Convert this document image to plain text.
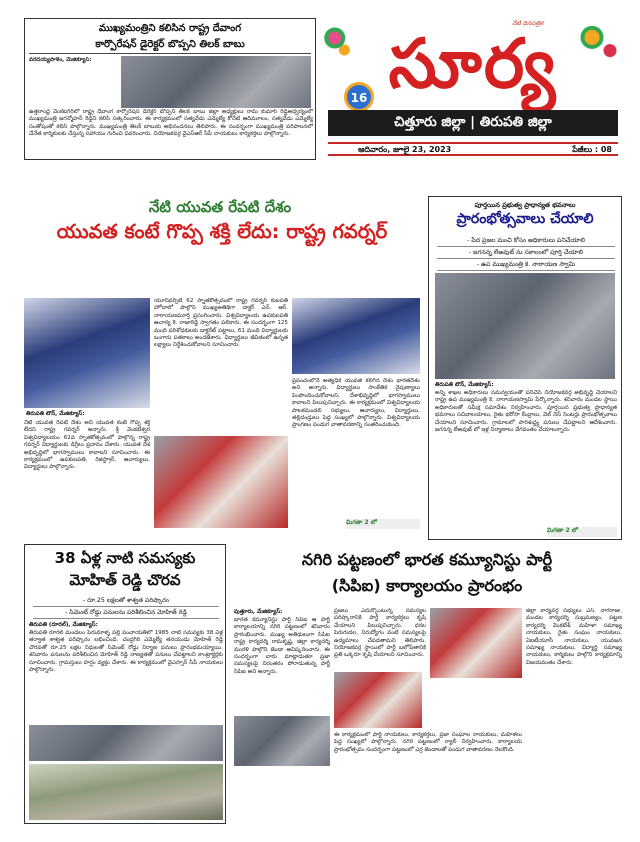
ముఖ్యమంత్రిని కలిసిన రాష్ట్ర దేవాంగ
కార్పొరేషన్ డైరెక్టర్ బొప్పని తిలక్ బాబు
వరదయ్యపాళెం, మేజిక్యూస్:
ఉత్తరాంధ్ర వెంకటగిరిలో రాష్ట్ర దేవాంగ కార్పొరేషన్ డెరెక్టర్ బొప్పని తిలక్ బాబు జిల్లా అధ్యక్షులు రామ్ కుమార్ రెడ్డిఅధ్వర్యంలో ముఖ్యమంత్రి జగన్మోహన్ రెడ్డిని కలిసి సత్కరించారు. ఈ కార్యక్రమంలో సత్యవేడు ఎమ్మెల్యే కోనేటి ఆదిమూలం, సత్యవేడు ఎమ్మెల్యే సంతోషంతో కలిసి పాల్గొన్నారు. ముఖ్యమంత్రి తిలక్ బాబుకు అభినందనలు తెలిపారు. ఈ సందర్భంగా ముఖ్యమంత్రి పరిపాలనలో చేనేత కార్మికులకు చేస్తున్న సహాయం గురించి వివరించారు. నియోజకవర్గ వైఎస్ఆర్ సీపీ నాయకులు కార్యకర్తలు పాల్గొన్నారు.
నేటి దినపత్రిక
16 సూర్య
చిత్తూరు జిల్లా | తిరుపతి జిల్లా
ఆదివారం, జూలై 23, 2023	పేజీలు : 08
నేటి యువత రేపటి దేశం
యువత కంటే గొప్ప శక్తి లేదు: రాష్ట్ర గవర్నర్
తిరుపతి టౌన్, మేజిక్యూస్:
నేటి యువత రేపటి దేశం అని యువత కంటే గొప్ప శక్తి లేదని రాష్ట్ర గవర్నర్ అన్నారు. శ్రీ వెంకటేశ్వర విశ్వవిద్యాలయం 62వ స్నాతకోత్సవంలో పాల్గొన్న రాష్ట్ర గవర్నర్ విద్యార్థులకు డిగ్రీలు ప్రదానం చేశారు. యువత దేశ అభివృద్ధిలో భాగస్వాములు కావాలని సూచించారు. ఈ కార్యక్రమంలో ఉపకులపతి, రిజిస్ట్రార్, ఆచార్యులు, విద్యార్థులు పాల్గొన్నారు.
యూనివర్సిటీ 62 స్నాతకోత్సవంలో రాష్ట్ర గవర్నర్ కులపతి హోదాలో పాల్గొని ముఖ్యఅతిథిగా డాక్టర్ ఎన్. ఆర్. నారాయణమూర్తి ప్రసంగించారు. విశ్వవిద్యాలయ ఉపకులపతి ఆచార్య కె. రాజారెడ్డి స్వాగతం పలికారు. ఈ సందర్భంగా 125 మంది పరిశోధకులకు డాక్టరేట్ పట్టాలు, 61 మంది విద్యార్థులకు బంగారు పతకాలు అందజేశారు. విద్యార్థులు జీవితంలో ఉన్నత లక్ష్యాలు నిర్దేశించుకోవాలని సూచించారు.
ప్రపంచంలోనే అత్యధిక యువత కలిగిన దేశం భారతదేశం అని అన్నారు. విద్యార్థులు సాంకేతిక నైపుణ్యాలు పెంపొందించుకోవాలని, దేశాభివృద్ధిలో భాగస్వాములు కావాలని పిలుపునిచ్చారు. ఈ కార్యక్రమంలో విశ్వవిద్యాలయ పాలకమండలి సభ్యులు, ఆచార్యులు, విద్యార్థులు, తల్లిదండ్రులు పెద్ద సంఖ్యలో పాల్గొన్నారు. విశ్వవిద్యాలయ ప్రాంగణం పండుగ వాతావరణాన్ని సంతరించుకుంది.
మిగతా 2 లో
పూర్తయిన ప్రభుత్వ ప్రాధాన్యత భవనాలు
ప్రారంభోత్సవాలు చేయాలి
- పేద ప్రజల మంచి కోసం అధికారులు పనిచేయాలి
- జగనన్న లేఅవుట్ ను సకాలంలో పూర్తి చేయాలి
- ఉప ముఖ్యమంత్రి కె. నారాయణ స్వామి
తిరుపతి టౌన్, మేజిక్యూస్:
అన్ని శాఖల అధికారులు సమన్వయంతో పనిచేసి నియోజకవర్గ అభివృద్ధి చేయాలని రాష్ట్ర ఉప ముఖ్యమంత్రి కె. నారాయణస్వామి పేర్కొన్నారు. శనివారం మండల స్థాయి అధికారులతో సమీక్ష సమావేశం నిర్వహించారు. పూర్తయిన ప్రభుత్వ ప్రాధాన్యత భవనాలు సచివాలయాలు, రైతు భరోసా కేంద్రాలు, వెల్ నెస్ సెంటర్లు ప్రారంభోత్సవాలు చేయాలని సూచించారు. గ్రామాలలో పారిశుద్ధ్య పనులు చేపట్టాలని ఆదేశించారు. జగనన్న లేఅవుట్ లో ఇళ్ల నిర్మాణాలు వేగవంతం చేయాలన్నారు.
మిగతా 2 లో
38 ఏళ్ల నాటి సమస్యకు
మోహిత్ రెడ్డి చొరవ
- రూ.25 లక్షలతో శాశ్వత పరిష్కారం
- సిమెంట్ రోడ్డు పనులను పరిశీలించిన మోహిత్ రెడ్డి
తిరుపతి (రూరల్), మేజిక్యూస్:
తిరుపతి రూరల్ మండలం పెరుమాళ్ళ పల్లి పంచాయతీలో 1985 నాటి సమస్యకు 38 ఏళ్ల తర్వాత శాశ్వత పరిష్కారం లభించింది. చంద్రగిరి ఎమ్మెల్యే తనయుడు మోహిత్ రెడ్డి చొరవతో రూ.25 లక్షల నిధులతో సిమెంట్ రోడ్డు నిర్మాణ పనులు ప్రారంభమయ్యాయి. శనివారం పనులను పరిశీలించిన మోహిత్ రెడ్డి నాణ్యతతో పనులు చేపట్టాలని కాంట్రాక్టర్లకు సూచించారు. గ్రామస్తులు హర్షం వ్యక్తం చేశారు. ఈ కార్యక్రమంలో వైఎస్సార్ సీపీ నాయకులు పాల్గొన్నారు.
నగిరి పట్టణంలో భారత కమ్యూనిస్టు పార్టీ
(సిపిఐ) కార్యాలయం ప్రారంభం
పుత్తూరు, మేజిక్యూస్:
భారత కమ్యూనిస్టు పార్టీ సిపిఐ ఆ పార్టీ కార్యాలయాన్ని నగిరి పట్టణంలో శనివారం ప్రారంభించారు. ముఖ్య అతిథులుగా సిపిఐ రాష్ట్ర కార్యదర్శి రామకృష్ణ, జిల్లా కార్యదర్శి మురళి పాల్గొని జెండా ఆవిష్కరించారు. ఈ సందర్భంగా వారు మాట్లాడుతూ ప్రజా సమస్యలపై నిరంతరం పోరాడుతున్న పార్టీ సిపిఐ అని అన్నారు.
ప్రజలు ఎదుర్కొంటున్న సమస్యల పరిష్కారానికి పార్టీ కార్యకర్తలు కృషి చేయాలని పిలుపునిచ్చారు. ధరల పెరుగుదల, నిరుద్యోగం వంటి సమస్యలపై ఉద్యమాలు చేపడతామని తెలిపారు. నియోజకవర్గ స్థాయిలో పార్టీ బలోపేతానికి ప్రతి ఒక్కరూ కృషి చేయాలని సూచించారు.
జిల్లా కార్యవర్గ సభ్యులు ఎస్. నాగరాజు, మండల కార్యదర్శి సుబ్రమణ్యం, పట్టణ కార్యదర్శి వెంకటేశ్, మహిళా సమాఖ్య నాయకులు, రైతు సంఘం నాయకులు, ఏఐటీయూసీ నాయకులు, యువజన సమాఖ్య నాయకులు, విద్యార్థి సమాఖ్య నాయకులు, కార్మికులు పాల్గొని కార్యక్రమాన్ని విజయవంతం చేశారు.
ఈ కార్యక్రమంలో పార్టీ నాయకులు, కార్యకర్తలు, ప్రజా సంఘాల నాయకులు, మహిళలు పెద్ద సంఖ్యలో పాల్గొన్నారు. నగిరి పట్టణంలో ర్యాలీ నిర్వహించారు. కార్యాలయ ప్రారంభోత్సవం సందర్భంగా పట్టణంలో ఎర్ర జెండాలతో పండుగ వాతావరణం నెలకొంది.
